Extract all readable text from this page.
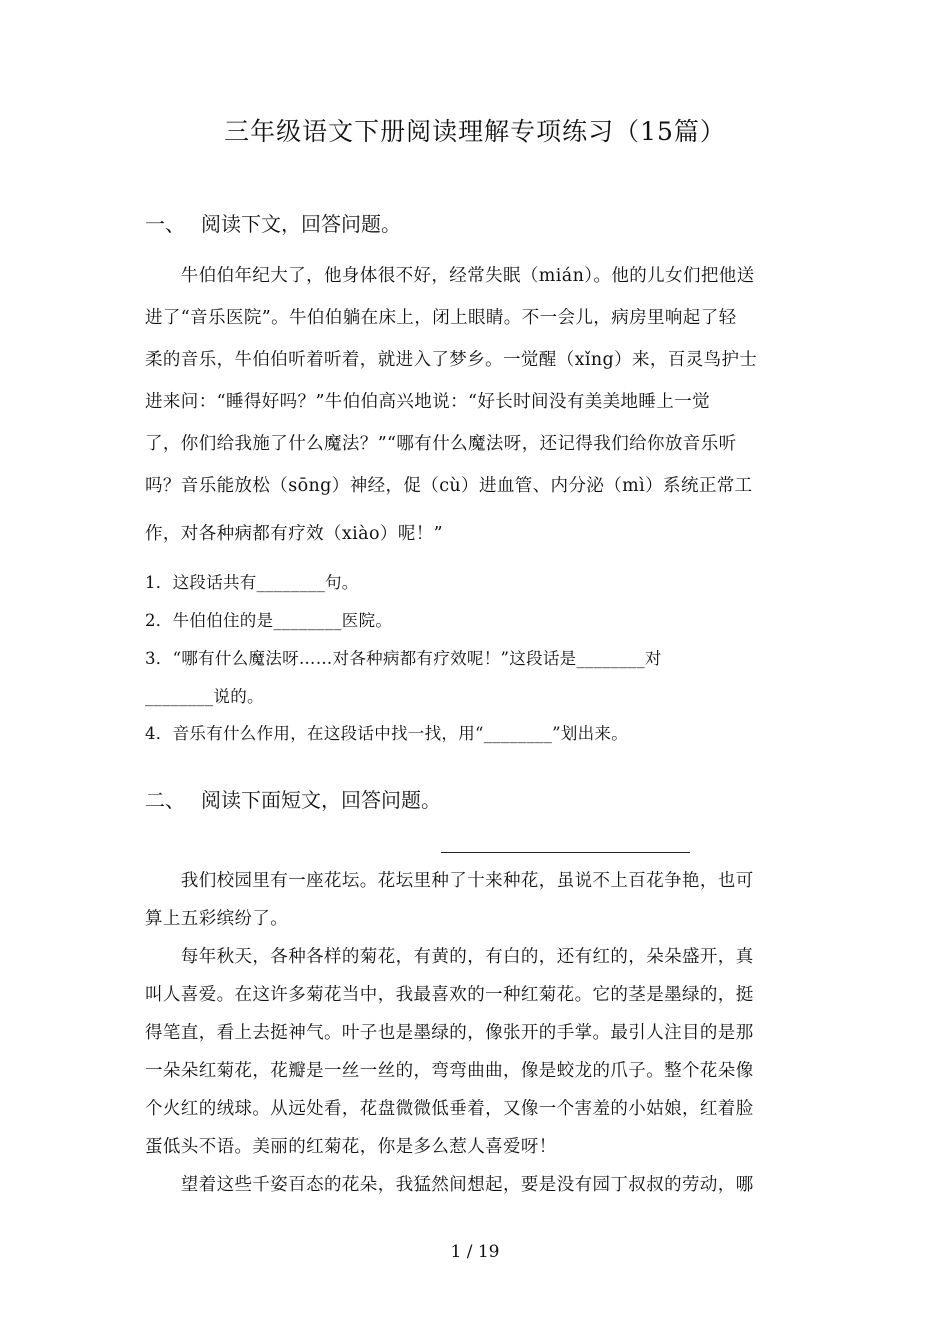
三年级语文下册阅读理解专项练习（15篇）
一、 阅读下文，回答问题。
　　牛伯伯年纪大了，他身体很不好，经常失眠（mián）。他的儿女们把他送
进了“音乐医院”。牛伯伯躺在床上，闭上眼睛。不一会儿，病房里响起了轻
柔的音乐，牛伯伯听着听着，就进入了梦乡。一觉醒（xǐng）来，百灵鸟护士
进来问：“睡得好吗？”牛伯伯高兴地说：“好长时间没有美美地睡上一觉
了，你们给我施了什么魔法？”“哪有什么魔法呀，还记得我们给你放音乐听
吗？音乐能放松（sōng）神经，促（cù）进血管、内分泌（mì）系统正常工
作，对各种病都有疗效（xiào）呢！”
1．这段话共有________句。
2．牛伯伯住的是________医院。
3．“哪有什么魔法呀……对各种病都有疗效呢！”这段话是________对
________说的。
4．音乐有什么作用，在这段话中找一找，用“________”划出来。
二、 阅读下面短文，回答问题。
　　我们校园里有一座花坛。花坛里种了十来种花，虽说不上百花争艳，也可
算上五彩缤纷了。
　　每年秋天，各种各样的菊花，有黄的，有白的，还有红的，朵朵盛开，真
叫人喜爱。在这许多菊花当中，我最喜欢的一种红菊花。它的茎是墨绿的，挺
得笔直，看上去挺神气。叶子也是墨绿的，像张开的手掌。最引人注目的是那
一朵朵红菊花，花瓣是一丝一丝的，弯弯曲曲，像是蛟龙的爪子。整个花朵像
个火红的绒球。从远处看，花盘微微低垂着，又像一个害羞的小姑娘，红着脸
蛋低头不语。美丽的红菊花，你是多么惹人喜爱呀！
　　望着这些千姿百态的花朵，我猛然间想起，要是没有园丁叔叔的劳动，哪
1 / 19
